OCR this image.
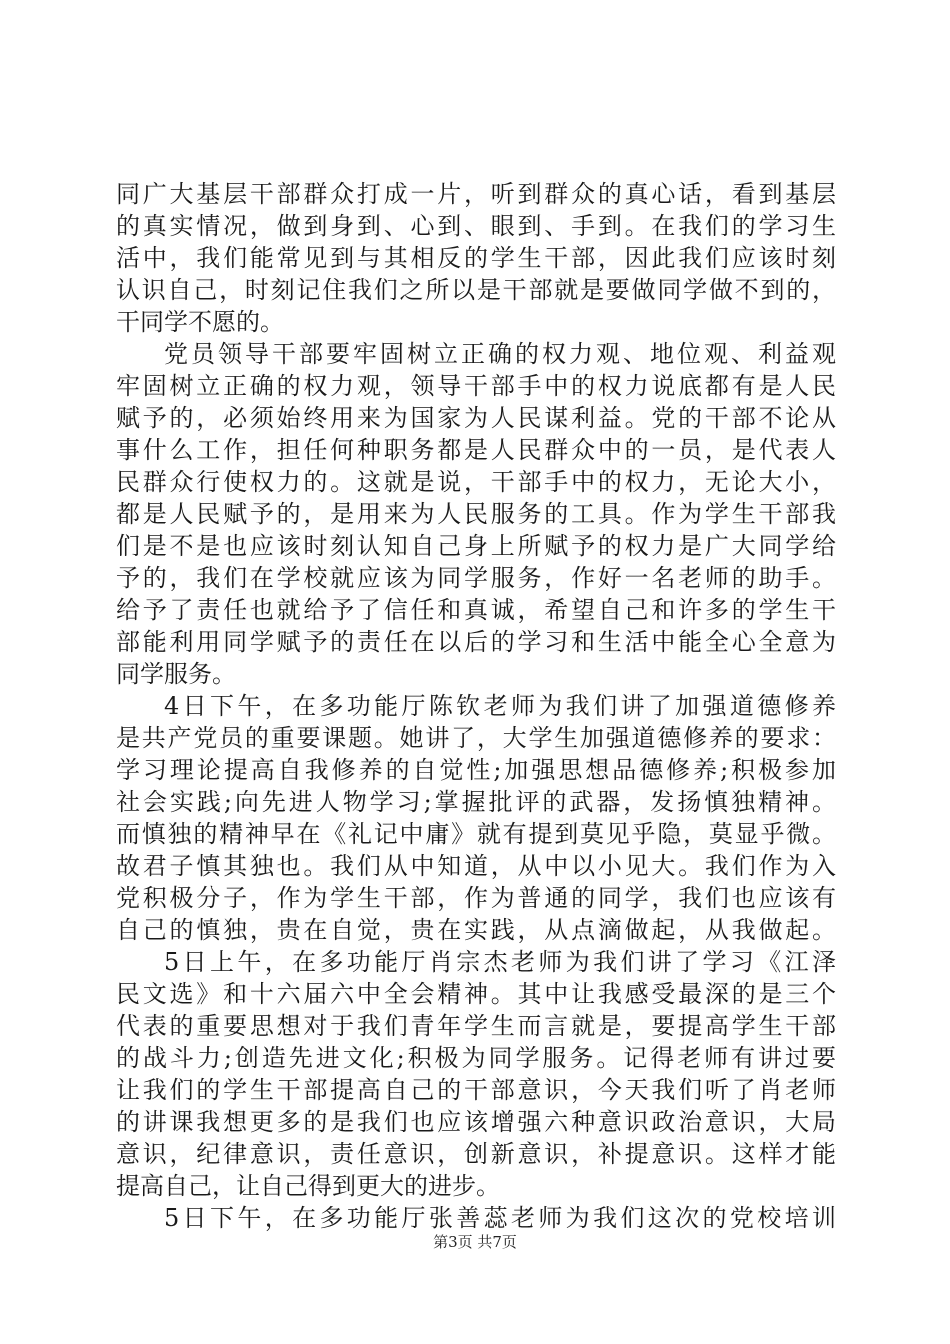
同广大基层干部群众打成一片，听到群众的真心话，看到基层
的真实情况，做到身到、心到、眼到、手到。在我们的学习生
活中，我们能常见到与其相反的学生干部，因此我们应该时刻
认识自己，时刻记住我们之所以是干部就是要做同学做不到的，
干同学不愿的。
党员领导干部要牢固树立正确的权力观、地位观、利益观
牢固树立正确的权力观，领导干部手中的权力说底都有是人民
赋予的，必须始终用来为国家为人民谋利益。党的干部不论从
事什么工作，担任何种职务都是人民群众中的一员，是代表人
民群众行使权力的。这就是说，干部手中的权力，无论大小，
都是人民赋予的，是用来为人民服务的工具。作为学生干部我
们是不是也应该时刻认知自己身上所赋予的权力是广大同学给
予的，我们在学校就应该为同学服务，作好一名老师的助手。
给予了责任也就给予了信任和真诚，希望自己和许多的学生干
部能利用同学赋予的责任在以后的学习和生活中能全心全意为
同学服务。
4日下午，在多功能厅陈钦老师为我们讲了加强道德修养
是共产党员的重要课题。她讲了，大学生加强道德修养的要求：
学习理论提高自我修养的自觉性;加强思想品德修养;积极参加
社会实践;向先进人物学习;掌握批评的武器，发扬慎独精神。
而慎独的精神早在《礼记中庸》就有提到莫见乎隐，莫显乎微。
故君子慎其独也。我们从中知道，从中以小见大。我们作为入
党积极分子，作为学生干部，作为普通的同学，我们也应该有
自己的慎独，贵在自觉，贵在实践，从点滴做起，从我做起。
5日上午，在多功能厅肖宗杰老师为我们讲了学习《江泽
民文选》和十六届六中全会精神。其中让我感受最深的是三个
代表的重要思想对于我们青年学生而言就是，要提高学生干部
的战斗力;创造先进文化;积极为同学服务。记得老师有讲过要
让我们的学生干部提高自己的干部意识，今天我们听了肖老师
的讲课我想更多的是我们也应该增强六种意识政治意识，大局
意识，纪律意识，责任意识，创新意识，补提意识。这样才能
提高自己，让自己得到更大的进步。
5日下午，在多功能厅张善蕊老师为我们这次的党校培训
第3页 共7页
